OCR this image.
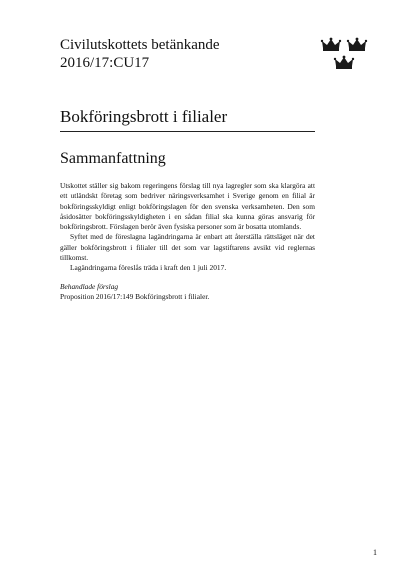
Civilutskottets betänkande
2016/17:CU17
Bokföringsbrott i filialer
Sammanfattning

Utskottet ställer sig bakom regeringens förslag till nya lagregler som ska klargöra att ett utländskt företag som bedriver näringsverksamhet i Sverige genom en filial är bokföringsskyldigt enligt bokföringslagen för den svenska verksamheten. Den som åsidosätter bokföringsskyldigheten i en sådan filial ska kunna göras ansvarig för bokföringsbrott. Förslagen berör även fysiska personer som är bosatta utomlands.

Syftet med de föreslagna lagändringarna är enbart att återställa rättsläget när det gäller bokföringsbrott i filialer till det som var lagstiftarens avsikt vid reglernas tillkomst.

Lagändringarna föreslås träda i kraft den 1 juli 2017.

Behandlade förslag

Proposition 2016/17:149 Bokföringsbrott i filialer.

1
